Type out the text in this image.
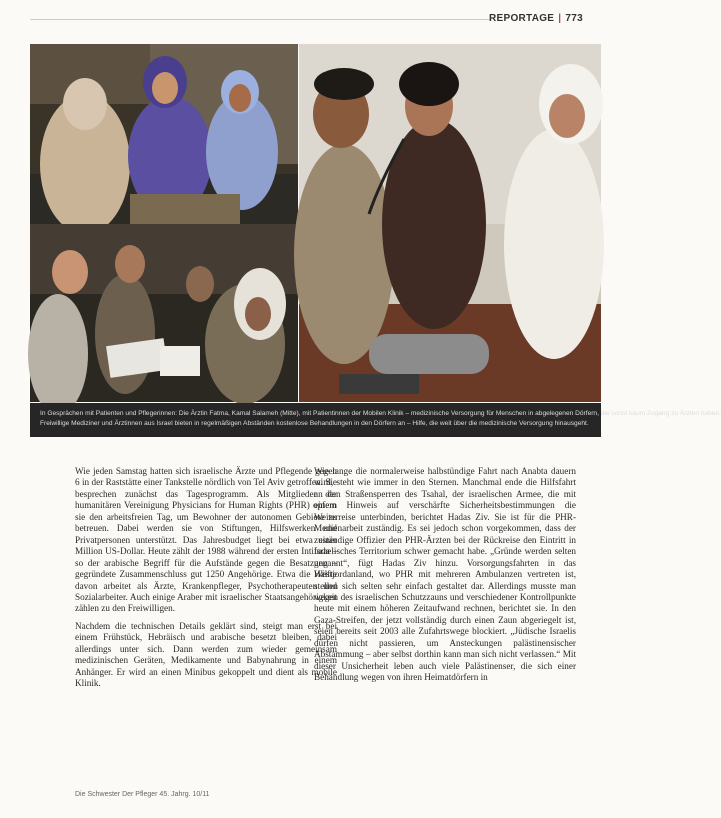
REPORTAGE | 773

In Gesprächen mit Patienten und Pflegerinnen: Die Ärztin Fatma, Kamal Salameh (Mitte), mit Patientinnen der Mobilen Klinik – medizinische Versorgung für Menschen in abgelegenen Dörfern, die sonst kaum Zugang zu Ärzten haben.

Freiwillige Mediziner und Ärztinnen aus Israel bieten in regelmäßigen Abständen kostenlose Behandlungen in den Dörfern an – Hilfe, die weit über die medizinische Versorgung hinausgeht.

Wie jeden Samstag hatten sich israelische Ärzte und Pflegende gegen 6 in der Raststätte einer Tankstelle nördlich von Tel Aviv getroffen. Sie besprechen zunächst das Tagesprogramm. Als Mitglieder der humanitären Vereinigung Physicians for Human Rights (PHR) opfern sie den arbeitsfreien Tag, um Bewohner der autonomen Gebiete zu betreuen. Dabei werden sie von Stiftungen, Hilfswerken und Privatpersonen unterstützt. Das Jahresbudget liegt bei etwa einer Million US-Dollar. Heute zählt der 1988 während der ersten Intifada – so der arabische Begriff für die Aufstände gegen die Besatzung – gegründete Zusammenschluss gut 1250 Angehörige. Etwa die Hälfte davon arbeitet als Ärzte, Krankenpfleger, Psychotherapeuten und Sozialarbeiter. Auch einige Araber mit israelischer Staatsangehörigkeit zählen zu den Freiwilligen.

Nachdem die technischen Details geklärt sind, steigt man erst bei einem Frühstück, Hebräisch und arabische besetzt bleiben, dabei allerdings unter sich. Dann werden zum wieder gemeinsam medizinischen Geräten, Medikamente und Babynahrung in einem Anhänger. Er wird an einen Minibus gekoppelt und dient als mobile Klinik.

Wie lange die normalerweise halbstündige Fahrt nach Anabta dauern wird, steht wie immer in den Sternen. Manchmal ende die Hilfsfahrt an den Straßensperren des Tsahal, der israelischen Armee, die mit einem Hinweis auf verschärfte Sicherheitsbestimmungen die Weiterreise unterbinden, berichtet Hadas Ziv. Sie ist für die PHR-Medienarbeit zuständig. Es sei jedoch schon vorgekommen, dass der zuständige Offizier den PHR-Ärzten bei der Rückreise den Eintritt in israelisches Territorium schwer gemacht habe. „Gründe werden selten genannt“, fügt Hadas Ziv hinzu. Vorsorgungsfahrten in das Westjordanland, wo PHR mit mehreren Ambulanzen vertreten ist, stellen sich selten sehr einfach gestaltet dar. Allerdings musste man wegen des israelischen Schutzzauns und verschiedener Kontrollpunkte heute mit einem höheren Zeitaufwand rechnen, berichtet sie. In den Gaza-Streifen, der jetzt vollständig durch einen Zaun abgeriegelt ist, seien bereits seit 2003 alle Zufahrtswege blockiert. „Jüdische Israelis dürfen nicht passieren, um Ansteckungen palästinensischer Abstammung – aber selbst dorthin kann man sich nicht verlassen.“ Mit dieser Unsicherheit leben auch viele Palästinenser, die sich einer Behandlung wegen von ihren Heimatdörfern in

Die Schwester Der Pfleger 45. Jahrg. 10/11
